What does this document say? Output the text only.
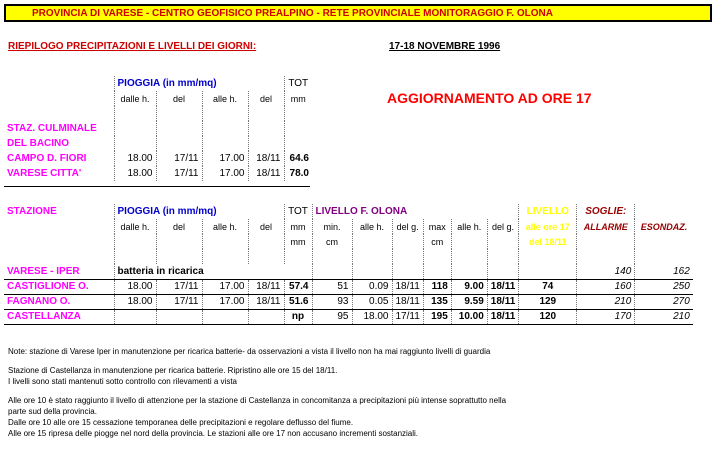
PROVINCIA DI VARESE - CENTRO GEOFISICO PREALPINO - RETE PROVINCIALE MONITORAGGIO F. OLONA
RIEPILOGO PRECIPITAZIONI E LIVELLI DEI GIORNI:	17-18 NOVEMBRE 1996
AGGIORNAMENTO AD ORE 17
	PIOGGIA (in mm/mq)				TOT
	dalle h.	del	alle h.	del	mm

STAZ. CULMINALE					
DEL BACINO					
CAMPO D. FIORI	18.00	17/11	17.00	18/11	64.6
VARESE CITTA'	18.00	17/11	17.00	18/11	78.0
STAZIONE	PIOGGIA (in mm/mq)				TOT	LIVELLO F. OLONA						LIVELLO	SOGLIE:	
	dalle h.	del	alle h.	del	mm	min.	alle h.	del g.	max	alle h.	del g.	alle ore 17	ALLARME	ESONDAZ.
					mm	cm			cm			del 18/11		

VARESE - IPER	batteria in ricarica												140	162
CASTIGLIONE O.	18.00	17/11	17.00	18/11	57.4	51	0.09	18/11	118	9.00	18/11	74	160	250
FAGNANO O.	18.00	17/11	17.00	18/11	51.6	93	0.05	18/11	135	9.59	18/11	129	210	270
CASTELLANZA					np	95	18.00	17/11	195	10.00	18/11	120	170	210

Note: stazione di Varese Iper in manutenzione per ricarica batterie- da osservazioni a vista il livello non ha mai raggiunto livelli di guardia

Stazione di Castellanza in manutenzione per ricarica batterie. Ripristino alle ore 15 del 18/11.

I livelli sono stati mantenuti sotto controllo con rilevamenti a vista

Alle ore 10 è stato raggiunto il livello di attenzione per la stazione di Castellanza in concomitanza a precipitazioni più intense soprattutto nella

parte sud della provincia.

Dalle ore 10 alle ore 15 cessazione temporanea delle precipitazioni e regolare deflusso del fiume.

Alle ore 15 ripresa delle piogge nel nord della provincia. Le stazioni alle ore 17 non accusano incrementi sostanziali.
